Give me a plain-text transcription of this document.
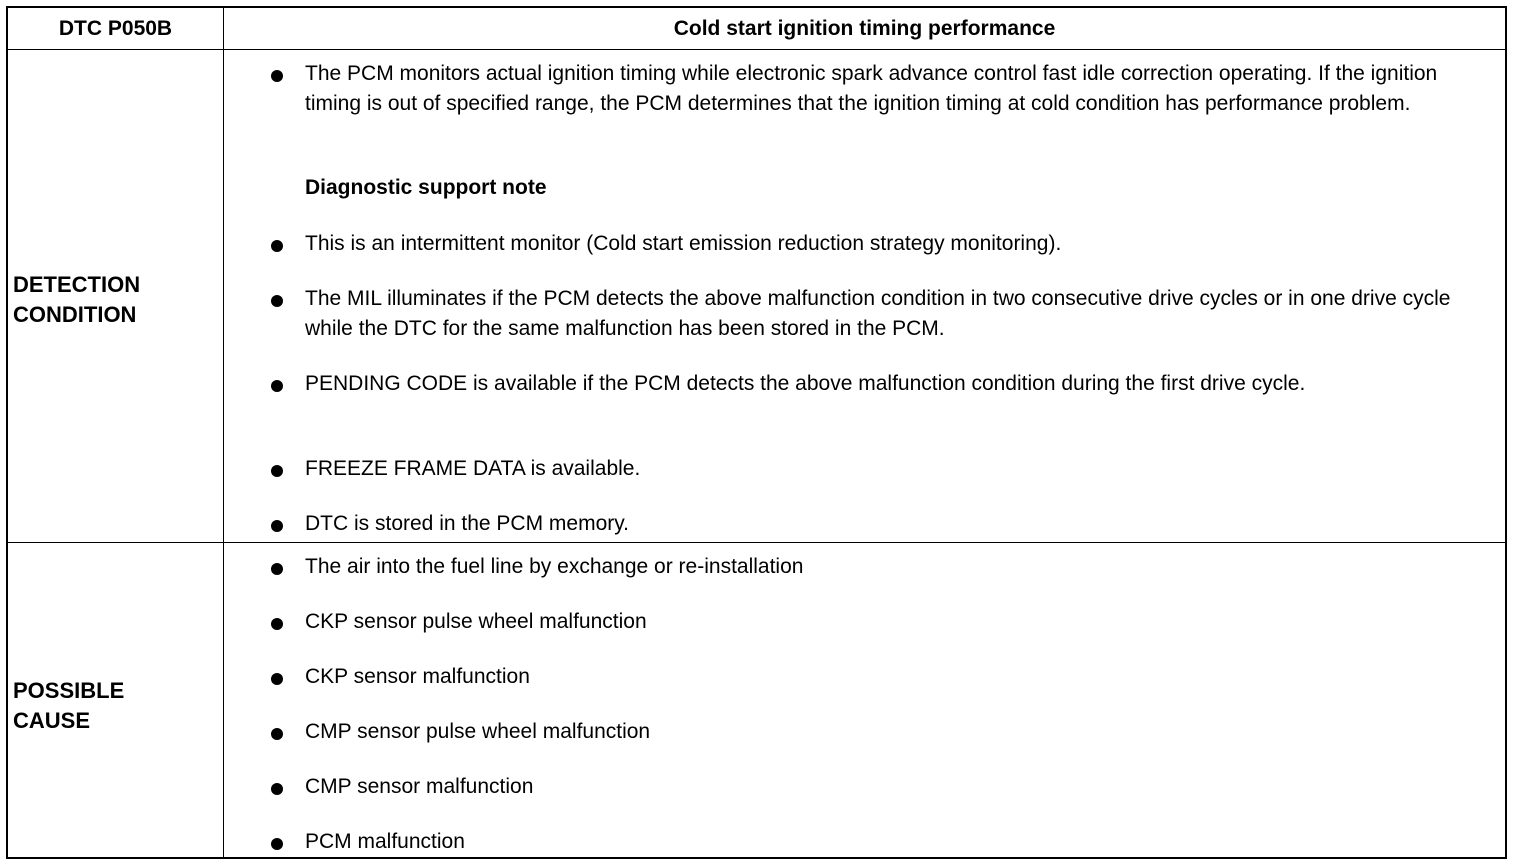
DTC P050B	Cold start ignition timing performance
DETECTION
CONDITION
The PCM monitors actual ignition timing while electronic spark advance control fast idle correction operating. If the ignition timing is out of specified range, the PCM determines that the ignition timing at cold condition has performance problem.
Diagnostic support note
This is an intermittent monitor (Cold start emission reduction strategy monitoring).
The MIL illuminates if the PCM detects the above malfunction condition in two consecutive drive cycles or in one drive cycle while the DTC for the same malfunction has been stored in the PCM.
PENDING CODE is available if the PCM detects the above malfunction condition during the first drive cycle.
FREEZE FRAME DATA is available.
DTC is stored in the PCM memory.
POSSIBLE
CAUSE
The air into the fuel line by exchange or re-installation
CKP sensor pulse wheel malfunction
CKP sensor malfunction
CMP sensor pulse wheel malfunction
CMP sensor malfunction
PCM malfunction
